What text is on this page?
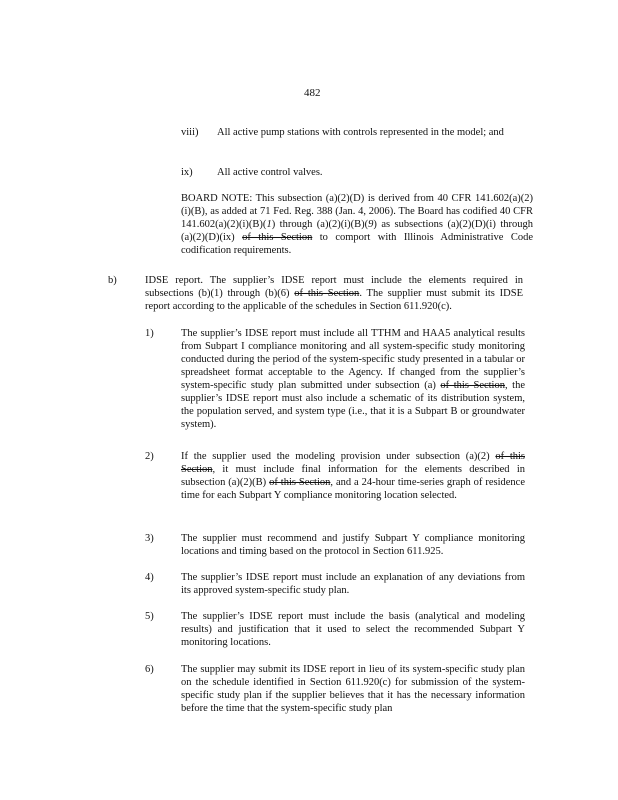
482
viii) All active pump stations with controls represented in the model; and
ix) All active control valves.
BOARD NOTE: This subsection (a)(2)(D) is derived from 40 CFR 141.602(a)(2)(i)(B), as added at 71 Fed. Reg. 388 (Jan. 4, 2006). The Board has codified 40 CFR 141.602(a)(2)(i)(B)(1) through (a)(2)(i)(B)(9) as subsections (a)(2)(D)(i) through (a)(2)(D)(ix) of this Section to comport with Illinois Administrative Code codification requirements.
b)	IDSE report. The supplier’s IDSE report must include the elements required in subsections (b)(1) through (b)(6) of this Section. The supplier must submit its IDSE report according to the applicable of the schedules in Section 611.920(c).
1)	The supplier’s IDSE report must include all TTHM and HAA5 analytical results from Subpart I compliance monitoring and all system-specific study monitoring conducted during the period of the system-specific study presented in a tabular or spreadsheet format acceptable to the Agency. If changed from the supplier’s system-specific study plan submitted under subsection (a) of this Section, the supplier’s IDSE report must also include a schematic of its distribution system, the population served, and system type (i.e., that it is a Subpart B or groundwater system).
2)	If the supplier used the modeling provision under subsection (a)(2) of this Section, it must include final information for the elements described in subsection (a)(2)(B) of this Section, and a 24-hour time-series graph of residence time for each Subpart Y compliance monitoring location selected.
3)	The supplier must recommend and justify Subpart Y compliance monitoring locations and timing based on the protocol in Section 611.925.
4)	The supplier’s IDSE report must include an explanation of any deviations from its approved system-specific study plan.
5)	The supplier’s IDSE report must include the basis (analytical and modeling results) and justification that it used to select the recommended Subpart Y monitoring locations.
6)	The supplier may submit its IDSE report in lieu of its system-specific study plan on the schedule identified in Section 611.920(c) for submission of the system-specific study plan if the supplier believes that it has the necessary information before the time that the system-specific study plan
